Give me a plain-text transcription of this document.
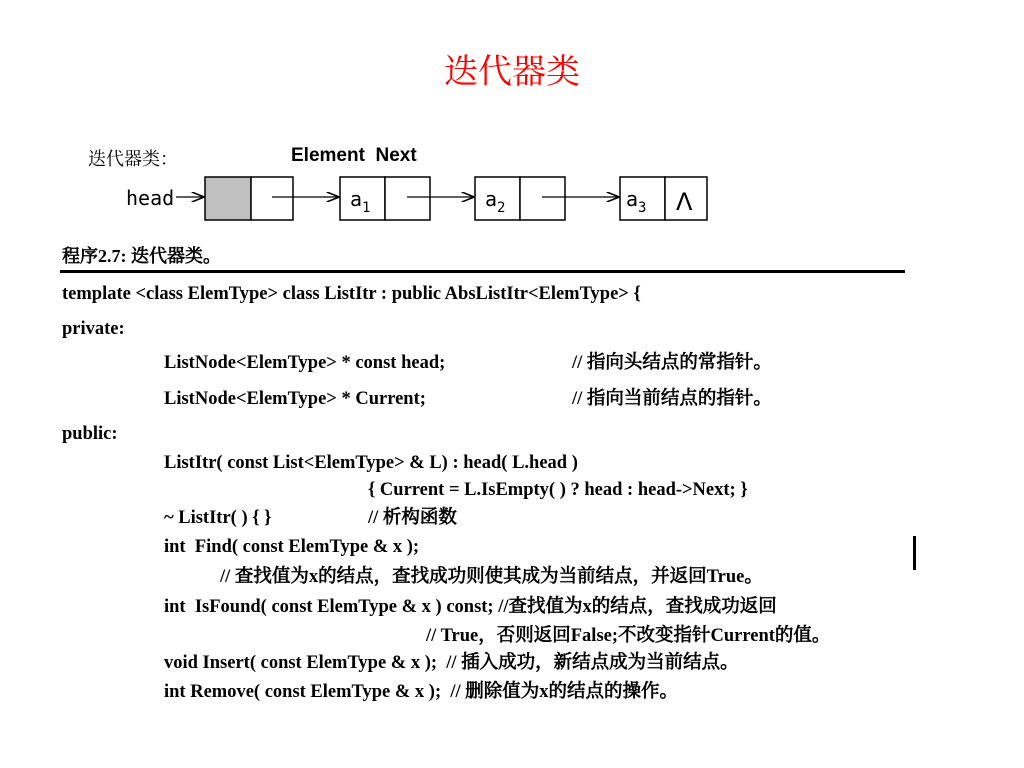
迭代器类
迭代器类：	Element  Next
head	$a_1$	$a_2$	$a_3$ Λ
程序2.7: 迭代器类。
template <class ElemType> class ListItr : public AbsListItr<ElemType> {
private:
ListNode<ElemType> * const head;	// 指向头结点的常指针。
ListNode<ElemType> * Current;	// 指向当前结点的指针。
public:
ListItr( const List<ElemType> & L) : head( L.head )
{ Current = L.IsEmpty( ) ? head : head->Next; }
~ ListItr( ) { }	// 析构函数
int  Find( const ElemType & x );
// 查找值为x的结点，查找成功则使其成为当前结点，并返回True。
int  IsFound( const ElemType & x ) const; //查找值为x的结点，查找成功返回
// True，否则返回False;不改变指针Current的值。
void Insert( const ElemType & x );  // 插入成功，新结点成为当前结点。
int Remove( const ElemType & x );  // 删除值为x的结点的操作。
